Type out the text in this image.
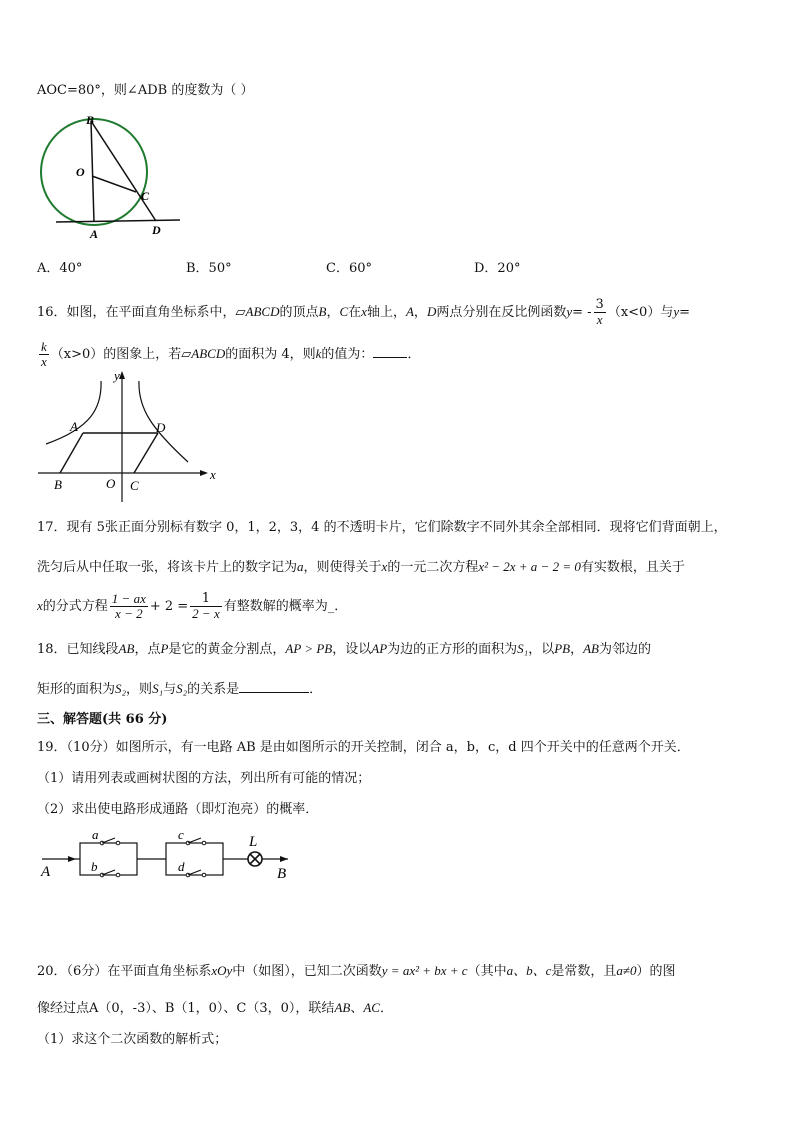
AOC=80°，则∠ADB 的度数为（ ）
B
O
C
A	D
A．40°	B．50°	C．60°	D．20°
16．如图，在平面直角坐标系中，▱ABCD的顶点B，C在x轴上，A，D两点分别在反比例函数$y= - \frac{3}{x} (x<0)$与y=
$\frac{k}{x} (x>0)$的图象上，若▱ABCD的面积为 4，则k的值为：	．
y
x
A	D
B	O C
17．现有 5张正面分别标有数字 0，1，2，3，4 的不透明卡片，它们除数字不同外其余全部相同．现将它们背面朝上，
洗匀后从中任取一张，将该卡片上的数字记为a，则使得关于x的一元二次方程x² − 2x + a − 2 = 0有实数根，且关于
x的分式方程 $\frac{1 - ax}{x - 2} + 2 = \frac{1}{2 - x}$ 有整数解的概率为_．
18．已知线段AB，点P是它的黄金分割点，AP > PB，设以AP为边的正方形的面积为S₁，以PB，AB为邻边的
矩形的面积为S₂，则S₁与S₂的关系是	．
三、解答题(共 66 分)
19．（10分）如图所示，有一电路 AB 是由如图所示的开关控制，闭合 a，b，c，d 四个开关中的任意两个开关．
（1）请用列表或画树状图的方法，列出所有可能的情况；
（2）求出使电路形成通路（即灯泡亮）的概率．
a
b
c
d
L
A	B
20．（6分）在平面直角坐标系xOy中（如图），已知二次函数y = ax² + bx + c（其中a、b、c是常数，且a≠0）的图
像经过点A（0，-3）、B（1，0）、C（3，0），联结AB、AC．
（1）求这个二次函数的解析式；
